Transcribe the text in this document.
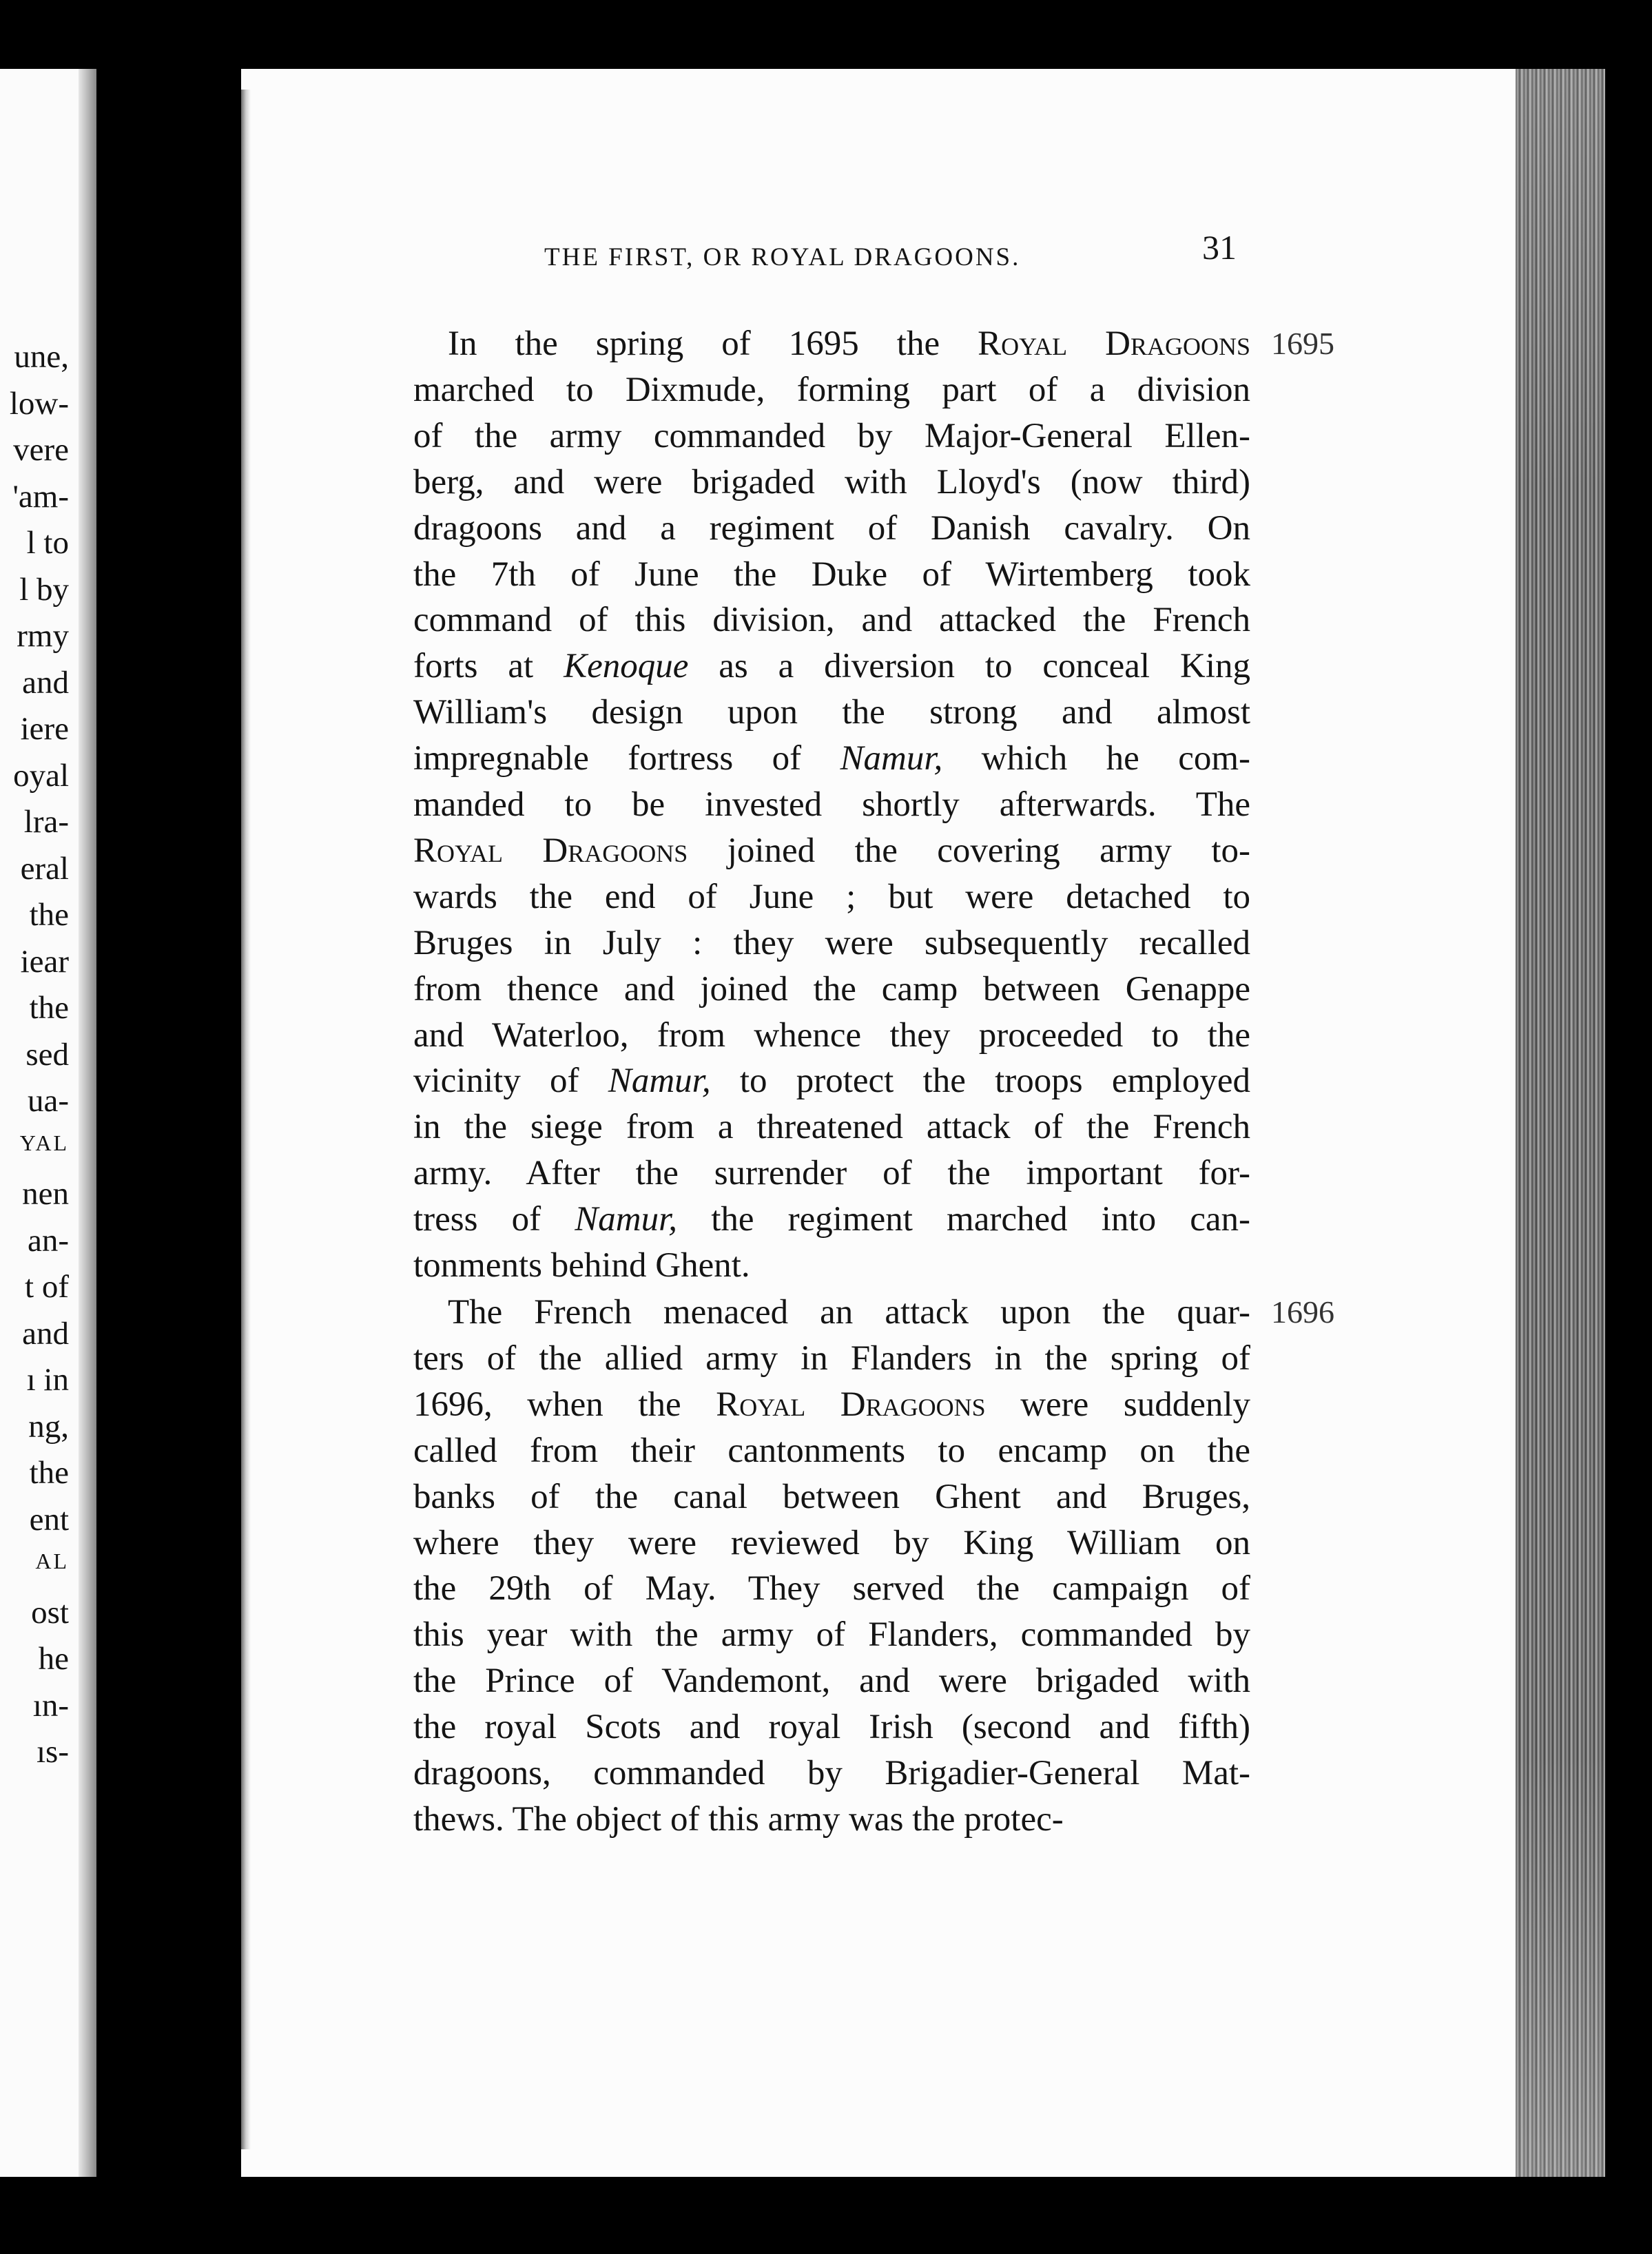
une,
low-
vere
'am-
l to
l by
rmy
and
iere
oyal
lra-
eral
the
iear
the
sed
ua-
YAL
nen
an-
t of
and
ı in
ng,
the
ent
AL
ost
he
ın-
ıs-
THE FIRST, OR ROYAL DRAGOONS.	31
1695
1696
In the spring of 1695 the Royal Dragoons
marched to Dixmude, forming part of a division
of the army commanded by Major-General Ellen-
berg, and were brigaded with Lloyd's (now third)
dragoons and a regiment of Danish cavalry. On
the 7th of June the Duke of Wirtemberg took
command of this division, and attacked the French
forts at Kenoque as a diversion to conceal King
William's design upon the strong and almost
impregnable fortress of Namur, which he com-
manded to be invested shortly afterwards. The
Royal Dragoons joined the covering army to-
wards the end of June ; but were detached to
Bruges in July : they were subsequently recalled
from thence and joined the camp between Genappe
and Waterloo, from whence they proceeded to the
vicinity of Namur, to protect the troops employed
in the siege from a threatened attack of the French
army. After the surrender of the important for-
tress of Namur, the regiment marched into can-
tonments behind Ghent.
The French menaced an attack upon the quar-
ters of the allied army in Flanders in the spring of
1696, when the Royal Dragoons were suddenly
called from their cantonments to encamp on the
banks of the canal between Ghent and Bruges,
where they were reviewed by King William on
the 29th of May. They served the campaign of
this year with the army of Flanders, commanded by
the Prince of Vandemont, and were brigaded with
the royal Scots and royal Irish (second and fifth)
dragoons, commanded by Brigadier-General Mat-
thews. The object of this army was the protec-
